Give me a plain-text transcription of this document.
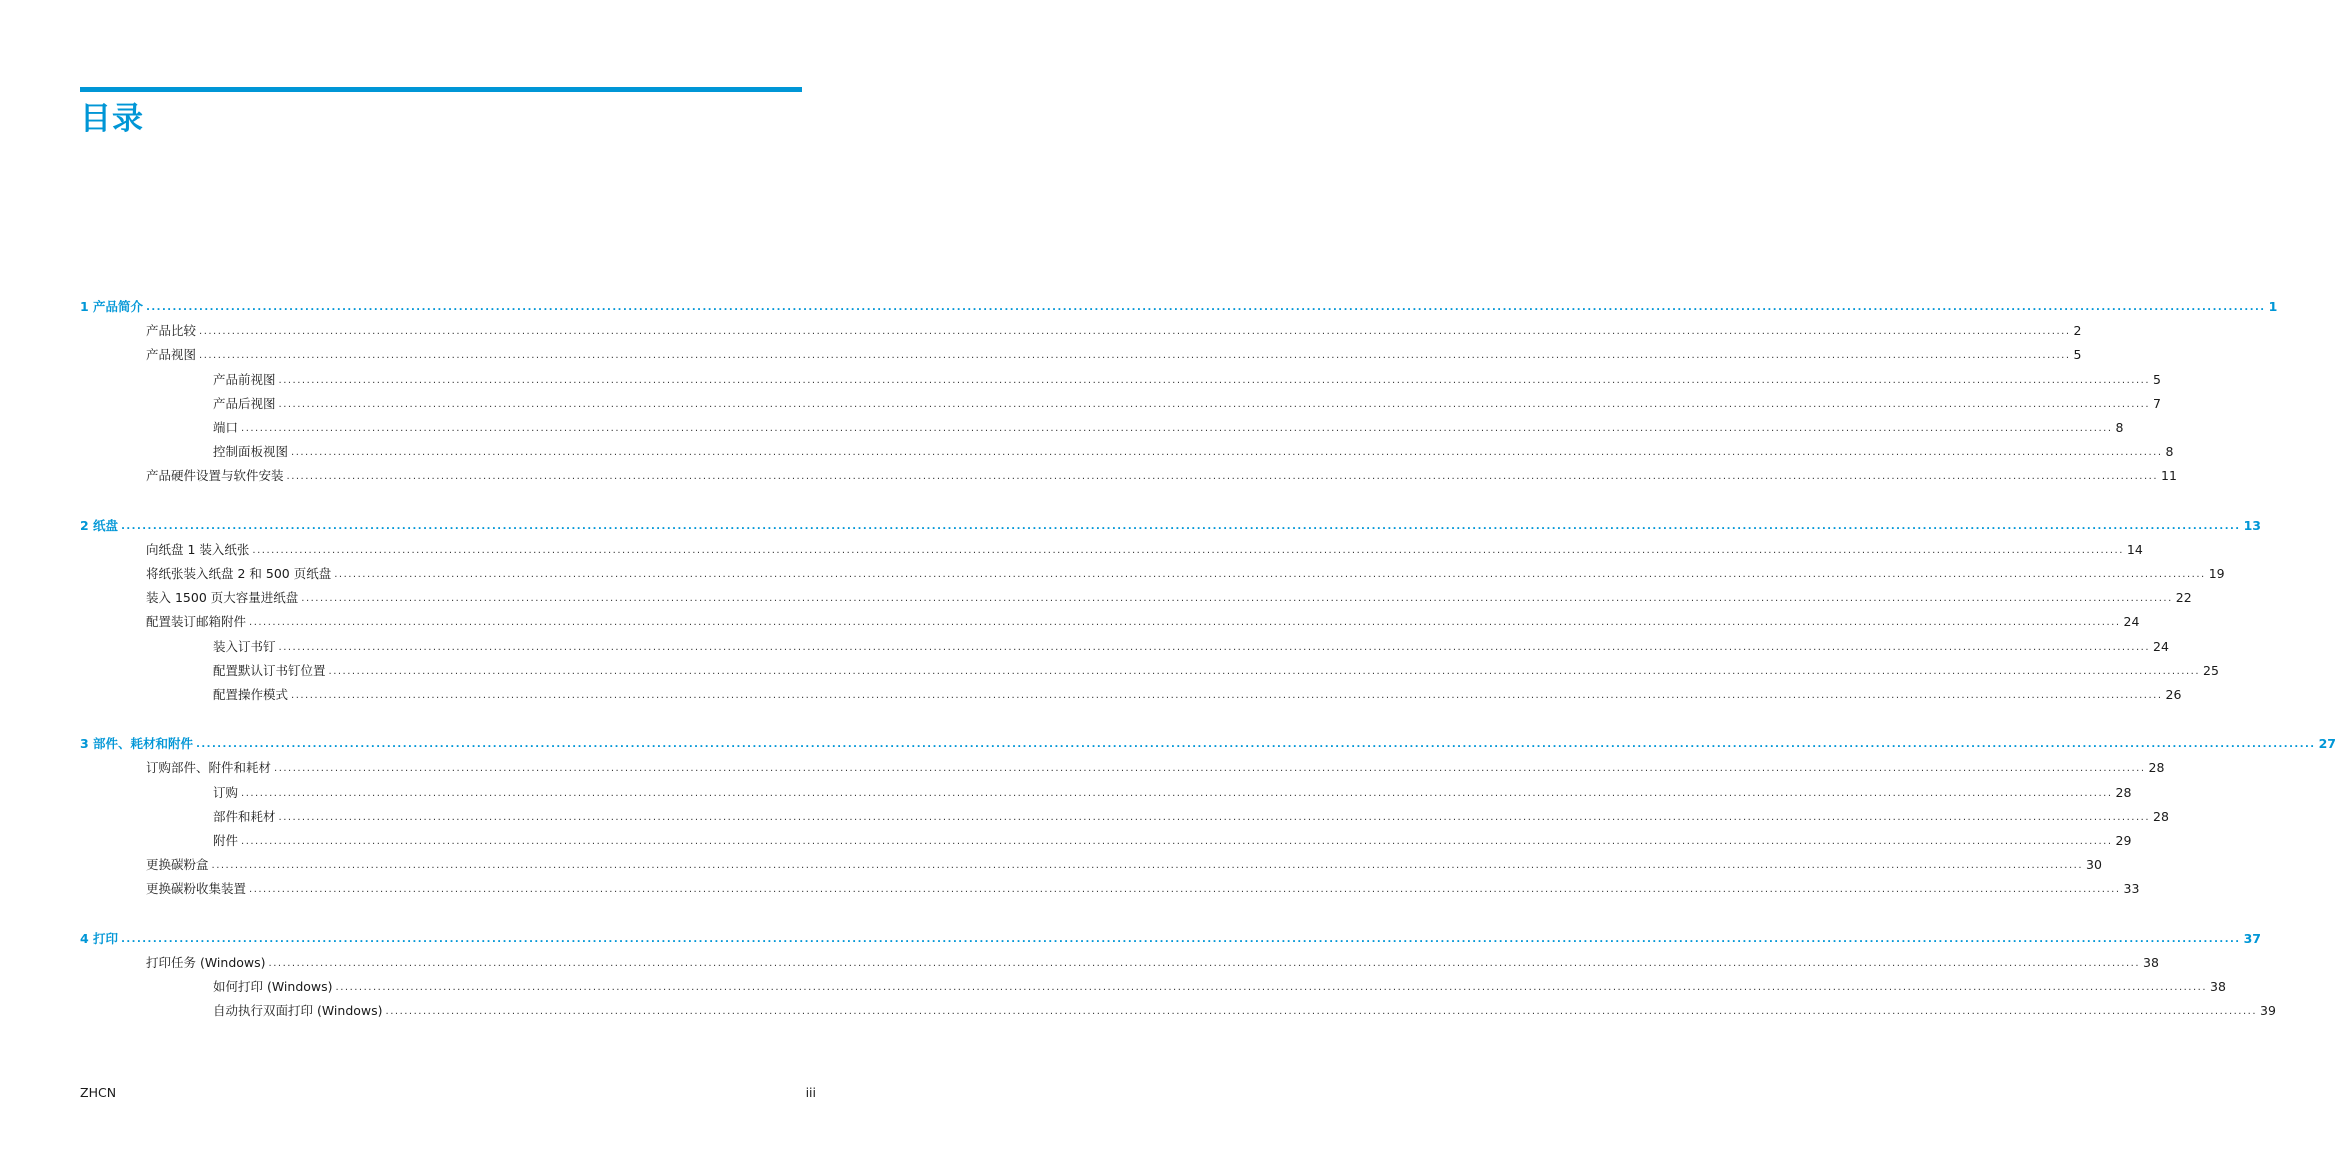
目录
1 产品简介 ................................................................................................................................................................................................................................................................................................................................................................................................................ 1
产品比较 ................................................................................................................................................................................................................................................................................................................................................................................................................ 2
产品视图 ................................................................................................................................................................................................................................................................................................................................................................................................................ 5
产品前视图 ................................................................................................................................................................................................................................................................................................................................................................................................................ 5
产品后视图 ................................................................................................................................................................................................................................................................................................................................................................................................................ 7
端口 ................................................................................................................................................................................................................................................................................................................................................................................................................ 8
控制面板视图 ................................................................................................................................................................................................................................................................................................................................................................................................................ 8
产品硬件设置与软件安装 ................................................................................................................................................................................................................................................................................................................................................................................................................ 11
2 纸盘 ................................................................................................................................................................................................................................................................................................................................................................................................................ 13
向纸盘 1 装入纸张 ................................................................................................................................................................................................................................................................................................................................................................................................................ 14
将纸张装入纸盘 2 和 500 页纸盘 ................................................................................................................................................................................................................................................................................................................................................................................................................ 19
装入 1500 页大容量进纸盘 ................................................................................................................................................................................................................................................................................................................................................................................................................ 22
配置装订邮箱附件 ................................................................................................................................................................................................................................................................................................................................................................................................................ 24
装入订书钉 ................................................................................................................................................................................................................................................................................................................................................................................................................ 24
配置默认订书钉位置 ................................................................................................................................................................................................................................................................................................................................................................................................................ 25
配置操作模式 ................................................................................................................................................................................................................................................................................................................................................................................................................ 26
3 部件、耗材和附件 ................................................................................................................................................................................................................................................................................................................................................................................................................ 27
订购部件、附件和耗材 ................................................................................................................................................................................................................................................................................................................................................................................................................ 28
订购 ................................................................................................................................................................................................................................................................................................................................................................................................................ 28
部件和耗材 ................................................................................................................................................................................................................................................................................................................................................................................................................ 28
附件 ................................................................................................................................................................................................................................................................................................................................................................................................................ 29
更换碳粉盒 ................................................................................................................................................................................................................................................................................................................................................................................................................ 30
更换碳粉收集装置 ................................................................................................................................................................................................................................................................................................................................................................................................................ 33
4 打印 ................................................................................................................................................................................................................................................................................................................................................................................................................ 37
打印任务 (Windows) ................................................................................................................................................................................................................................................................................................................................................................................................................ 38
如何打印 (Windows) ................................................................................................................................................................................................................................................................................................................................................................................................................ 38
自动执行双面打印 (Windows) ................................................................................................................................................................................................................................................................................................................................................................................................................ 39
ZHCN	iii
